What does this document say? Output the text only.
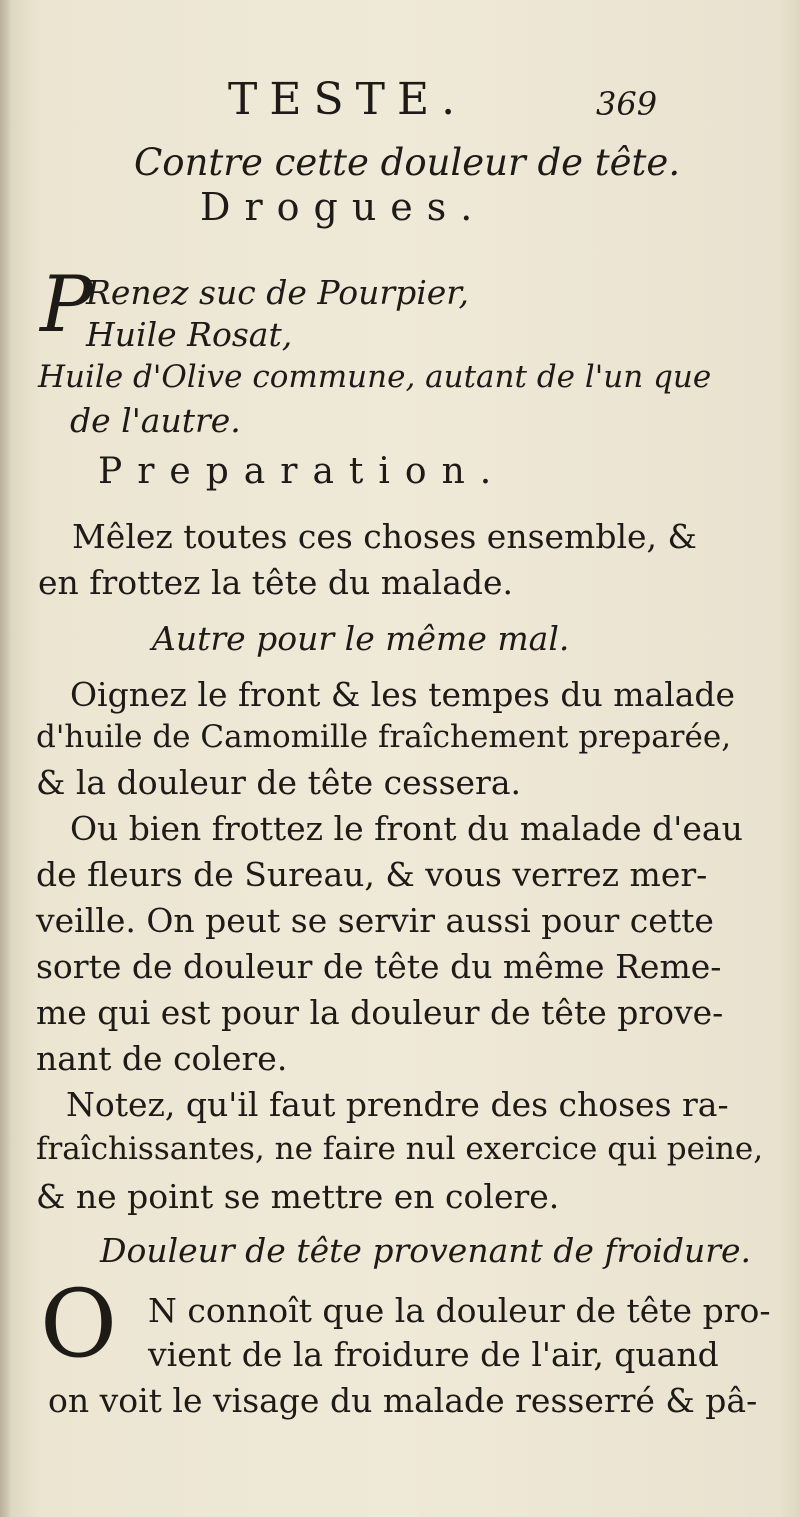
TESTE.	369
Contre cette douleur de tête.
Drogues.
P
Renez suc de Pourpier,
Huile Rosat,
Huile d'Olive commune, autant de l'un que
de l'autre.
Preparation.
Mêlez toutes ces choses ensemble, &
en frottez la tête du malade.
Autre pour le même mal.
Oignez le front & les tempes du malade
d'huile de Camomille fraîchement preparée,
& la douleur de tête cessera.
Ou bien frottez le front du malade d'eau
de fleurs de Sureau, & vous verrez mer-
veille. On peut se servir aussi pour cette
sorte de douleur de tête du même Reme-
me qui est pour la douleur de tête prove-
nant de colere.
Notez, qu'il faut prendre des choses ra-
fraîchissantes, ne faire nul exercice qui peine,
& ne point se mettre en colere.
Douleur de tête provenant de froidure.
O N connoît que la douleur de tête pro-
vient de la froidure de l'air, quand
on voit le visage du malade resserré & pâ-
